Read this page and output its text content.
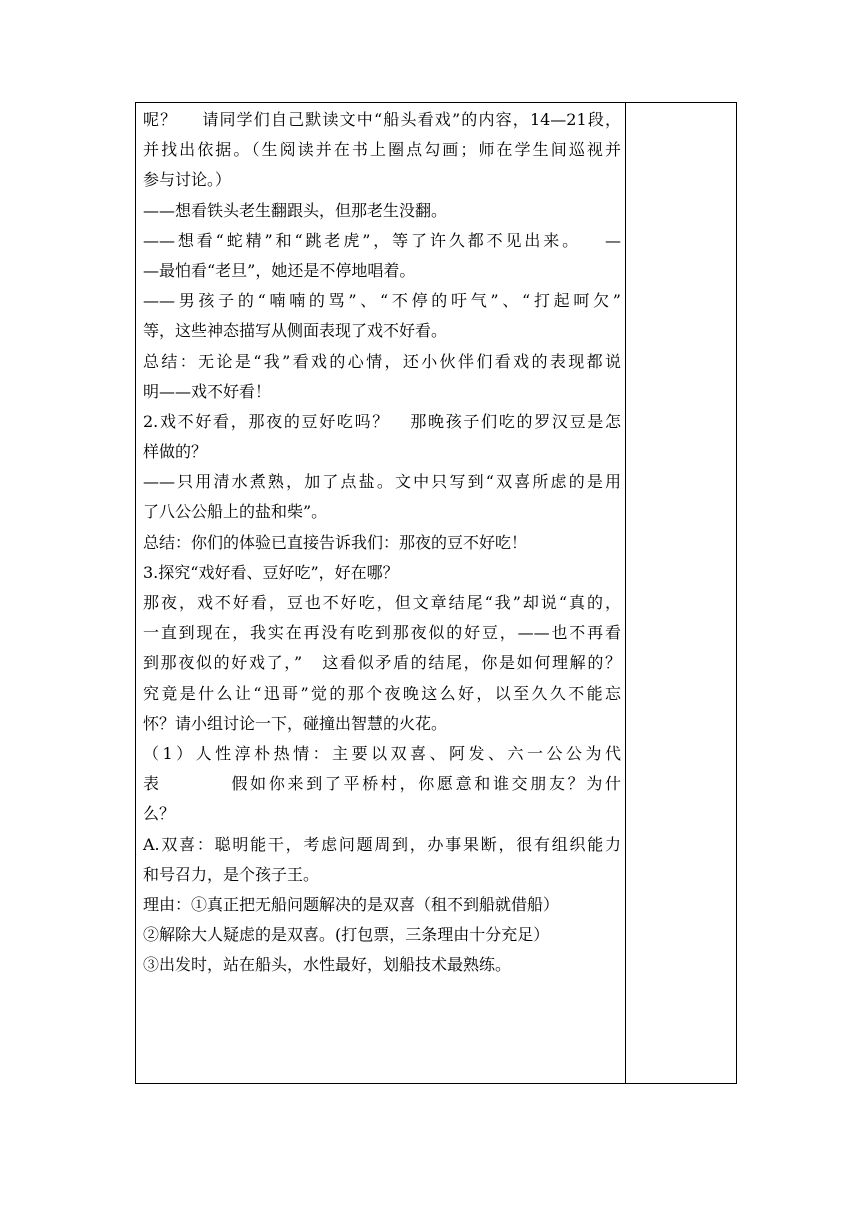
呢？    请同学们自己默读文中“船头看戏”的内容，14—21段，
并找出依据。（生阅读并在书上圈点勾画；师在学生间巡视并
参与讨论。）
——想看铁头老生翻跟头，但那老生没翻。
——想看“蛇精”和“跳老虎”，等了许久都不见出来。   —
—最怕看“老旦”，她还是不停地唱着。
——男孩子的“喃喃的骂”、“不停的吁气”、“打起呵欠”
等，这些神态描写从侧面表现了戏不好看。
总结：无论是“我”看戏的心情，还小伙伴们看戏的表现都说
明——戏不好看！
2.戏不好看，那夜的豆好吃吗？   那晚孩子们吃的罗汉豆是怎
样做的？
——只用清水煮熟，加了点盐。文中只写到“双喜所虑的是用
了八公公船上的盐和柴”。
总结：你们的体验已直接告诉我们：那夜的豆不好吃！
3.探究“戏好看、豆好吃”，好在哪？
那夜，戏不好看，豆也不好吃，但文章结尾“我”却说“真的，
一直到现在，我实在再没有吃到那夜似的好豆，——也不再看
到那夜似的好戏了，”   这看似矛盾的结尾，你是如何理解的？
究竟是什么让“迅哥”觉的那个夜晚这么好，以至久久不能忘
怀？请小组讨论一下，碰撞出智慧的火花。
（1）人性淳朴热情：主要以双喜、阿发、六一公公为代
表         假如你来到了平桥村，你愿意和谁交朋友？为什
么？
A.双喜：聪明能干，考虑问题周到，办事果断，很有组织能力
和号召力，是个孩子王。
理由：①真正把无船问题解决的是双喜（租不到船就借船）
②解除大人疑虑的是双喜。(打包票，三条理由十分充足）
③出发时，站在船头，水性最好，划船技术最熟练。
